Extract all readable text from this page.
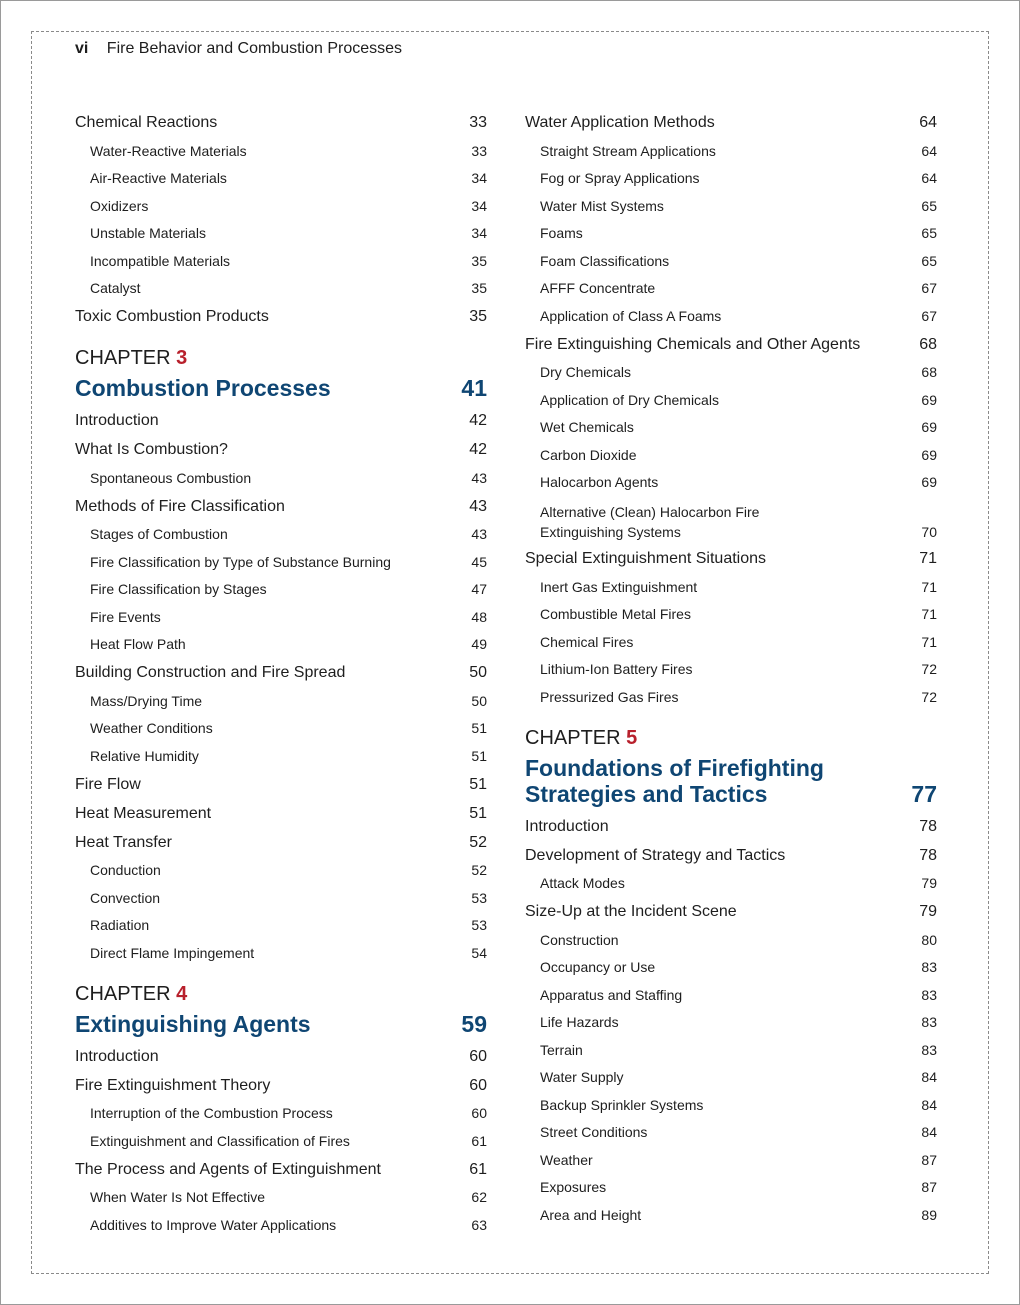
vi Fire Behavior and Combustion Processes
Chemical Reactions	33
Water-Reactive Materials	33
Air-Reactive Materials	34
Oxidizers	34
Unstable Materials	34
Incompatible Materials	35
Catalyst	35
Toxic Combustion Products	35
CHAPTER 3
Combustion Processes	41
Introduction	42
What Is Combustion?	42
Spontaneous Combustion	43
Methods of Fire Classification	43
Stages of Combustion	43
Fire Classification by Type of Substance Burning	45
Fire Classification by Stages	47
Fire Events	48
Heat Flow Path	49
Building Construction and Fire Spread	50
Mass/Drying Time	50
Weather Conditions	51
Relative Humidity	51
Fire Flow	51
Heat Measurement	51
Heat Transfer	52
Conduction	52
Convection	53
Radiation	53
Direct Flame Impingement	54
CHAPTER 4
Extinguishing Agents	59
Introduction	60
Fire Extinguishment Theory	60
Interruption of the Combustion Process	60
Extinguishment and Classification of Fires	61
The Process and Agents of Extinguishment	61
When Water Is Not Effective	62
Additives to Improve Water Applications	63
Water Application Methods	64
Straight Stream Applications	64
Fog or Spray Applications	64
Water Mist Systems	65
Foams	65
Foam Classifications	65
AFFF Concentrate	67
Application of Class A Foams	67
Fire Extinguishing Chemicals and Other Agents	68
Dry Chemicals	68
Application of Dry Chemicals	69
Wet Chemicals	69
Carbon Dioxide	69
Halocarbon Agents	69
Alternative (Clean) Halocarbon Fire
Extinguishing Systems	70
Special Extinguishment Situations	71
Inert Gas Extinguishment	71
Combustible Metal Fires	71
Chemical Fires	71
Lithium-Ion Battery Fires	72
Pressurized Gas Fires	72
CHAPTER 5
Foundations of Firefighting
Strategies and Tactics	77
Introduction	78
Development of Strategy and Tactics	78
Attack Modes	79
Size-Up at the Incident Scene	79
Construction	80
Occupancy or Use	83
Apparatus and Staffing	83
Life Hazards	83
Terrain	83
Water Supply	84
Backup Sprinkler Systems	84
Street Conditions	84
Weather	87
Exposures	87
Area and Height	89
